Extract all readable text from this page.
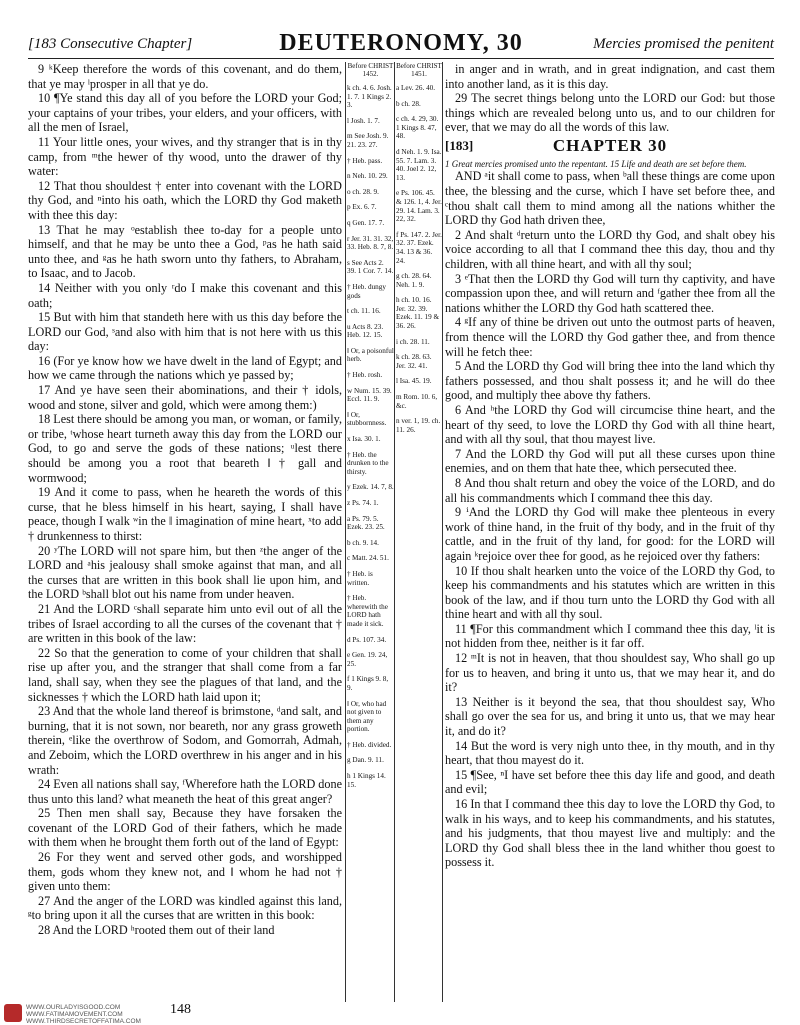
[183 Consecutive Chapter]	DEUTERONOMY, 30	Mercies promised the penitent

9 ᵏKeep therefore the words of this covenant, and do them, that ye may ˡprosper in all that ye do.

10 ¶Ye stand this day all of you before the LORD your God; your captains of your tribes, your elders, and your officers, with all the men of Israel,

11 Your little ones, your wives, and thy stranger that is in thy camp, from ᵐthe hewer of thy wood, unto the drawer of thy water:

12 That thou shouldest † enter into covenant with the LORD thy God, and ⁿinto his oath, which the LORD thy God maketh with thee this day:

13 That he may ᵒestablish thee to-day for a people unto himself, and that he may be unto thee a God, ᵖas he hath said unto thee, and ᵍas he hath sworn unto thy fathers, to Abraham, to Isaac, and to Jacob.

14 Neither with you only ʳdo I make this covenant and this oath;

15 But with him that standeth here with us this day before the LORD our God, ˢand also with him that is not here with us this day:

16 (For ye know how we have dwelt in the land of Egypt; and how we came through the nations which ye passed by;

17 And ye have seen their abominations, and their † idols, wood and stone, silver and gold, which were among them:)

18 Lest there should be among you man, or woman, or family, or tribe, ᵗwhose heart turneth away this day from the LORD our God, to go and serve the gods of these nations; ᵘlest there should be among you a root that beareth ‖ † gall and wormwood;

19 And it come to pass, when he heareth the words of this curse, that he bless himself in his heart, saying, I shall have peace, though I walk ʷin the ‖ imagination of mine heart, ˣto add † drunkenness to thirst:

20 ʸThe LORD will not spare him, but then ᶻthe anger of the LORD and ᵃhis jealousy shall smoke against that man, and all the curses that are written in this book shall lie upon him, and the LORD ᵇshall blot out his name from under heaven.

21 And the LORD ᶜshall separate him unto evil out of all the tribes of Israel according to all the curses of the covenant that † are written in this book of the law:

22 So that the generation to come of your children that shall rise up after you, and the stranger that shall come from a far land, shall say, when they see the plagues of that land, and the sicknesses † which the LORD hath laid upon it;

23 And that the whole land thereof is brimstone, ᵈand salt, and burning, that it is not sown, nor beareth, nor any grass groweth therein, ᵉlike the overthrow of Sodom, and Gomorrah, Admah, and Zeboim, which the LORD overthrew in his anger and in his wrath:

24 Even all nations shall say, ᶠWherefore hath the LORD done thus unto this land? what meaneth the heat of this great anger?

25 Then men shall say, Because they have forsaken the covenant of the LORD God of their fathers, which he made with them when he brought them forth out of the land of Egypt:

26 For they went and served other gods, and worshipped them, gods whom they knew not, and ‖ whom he had not † given unto them:

27 And the anger of the LORD was kindled against this land, ᵍto bring upon it all the curses that are written in this book:

28 And the LORD ʰrooted them out of their land

Before CHRIST 1452.
k ch. 4. 6. Josh. 1. 7. 1 Kings 2. 3.
l Josh. 1. 7.
m See Josh. 9. 21. 23. 27.
† Heb. pass.
n Neh. 10. 29.
o ch. 28. 9.
p Ex. 6. 7.
q Gen. 17. 7.
r Jer. 31. 31. 32, 33. Heb. 8. 7, 8.
s See Acts 2. 39. 1 Cor. 7. 14.
† Heb. dungy gods
t ch. 11. 16.
u Acts 8. 23. Heb. 12. 15.
‖ Or, a poisonful herb.
† Heb. rosh.
w Num. 15. 39. Eccl. 11. 9.
‖ Or, stubbornness.
x Isa. 30. 1.
† Heb. the drunken to the thirsty.
y Ezek. 14. 7, 8.
z Ps. 74. 1.
a Ps. 79. 5. Ezek. 23. 25.
b ch. 9. 14.
c Matt. 24. 51.
† Heb. is written.
† Heb. wherewith the LORD hath made it sick.
d Ps. 107. 34.
e Gen. 19. 24, 25.
f 1 Kings 9. 8, 9.
‖ Or, who had not given to them any portion.
† Heb. divided.
g Dan. 9. 11.
h 1 Kings 14. 15.
Before CHRIST 1451.
a Lev. 26. 40.
b ch. 28.
c ch. 4. 29, 30. 1 Kings 8. 47, 48.
d Neh. 1. 9. Isa. 55. 7. Lam. 3. 40. Joel 2. 12, 13.
e Ps. 106. 45. & 126. 1, 4. Jer. 29. 14. Lam. 3. 22, 32.
f Ps. 147. 2. Jer. 32. 37. Ezek. 34. 13 & 36. 24.
g ch. 28. 64. Neh. 1. 9.
h ch. 10. 16. Jer. 32. 39. Ezek. 11. 19 & 36. 26.
i ch. 28. 11.
k ch. 28. 63. Jer. 32. 41.
l Isa. 45. 19.
m Rom. 10. 6, &c.
n ver. 1, 19. ch. 11. 26.

in anger and in wrath, and in great indignation, and cast them into another land, as it is this day.

29 The secret things belong unto the LORD our God: but those things which are revealed belong unto us, and to our children for ever, that we may do all the words of this law.

[183]	CHAPTER 30

1 Great mercies promised unto the repentant. 15 Life and death are set before them.

AND ᵃit shall come to pass, when ᵇall these things are come upon thee, the blessing and the curse, which I have set before thee, and ᶜthou shalt call them to mind among all the nations whither the LORD thy God hath driven thee,

2 And shalt ᵈreturn unto the LORD thy God, and shalt obey his voice according to all that I command thee this day, thou and thy children, with all thine heart, and with all thy soul;

3 ᵉThat then the LORD thy God will turn thy captivity, and have compassion upon thee, and will return and ᶠgather thee from all the nations whither the LORD thy God hath scattered thee.

4 ᵍIf any of thine be driven out unto the outmost parts of heaven, from thence will the LORD thy God gather thee, and from thence will he fetch thee:

5 And the LORD thy God will bring thee into the land which thy fathers possessed, and thou shalt possess it; and he will do thee good, and multiply thee above thy fathers.

6 And ʰthe LORD thy God will circumcise thine heart, and the heart of thy seed, to love the LORD thy God with all thine heart, and with all thy soul, that thou mayest live.

7 And the LORD thy God will put all these curses upon thine enemies, and on them that hate thee, which persecuted thee.

8 And thou shalt return and obey the voice of the LORD, and do all his commandments which I command thee this day.

9 ⁱAnd the LORD thy God will make thee plenteous in every work of thine hand, in the fruit of thy body, and in the fruit of thy cattle, and in the fruit of thy land, for good: for the LORD will again ᵏrejoice over thee for good, as he rejoiced over thy fathers:

10 If thou shalt hearken unto the voice of the LORD thy God, to keep his commandments and his statutes which are written in this book of the law, and if thou turn unto the LORD thy God with all thine heart and with all thy soul.

11 ¶For this commandment which I command thee this day, ˡit is not hidden from thee, neither is it far off.

12 ᵐIt is not in heaven, that thou shouldest say, Who shall go up for us to heaven, and bring it unto us, that we may hear it, and do it?

13 Neither is it beyond the sea, that thou shouldest say, Who shall go over the sea for us, and bring it unto us, that we may hear it, and do it?

14 But the word is very nigh unto thee, in thy mouth, and in thy heart, that thou mayest do it.

15 ¶See, ⁿI have set before thee this day life and good, and death and evil;

16 In that I command thee this day to love the LORD thy God, to walk in his ways, and to keep his commandments, and his statutes, and his judgments, that thou mayest live and multiply: and the LORD thy God shall bless thee in the land whither thou goest to possess it.

WWW.OURLADYISGOOD.COM
WWW.FATIMAMOVEMENT.COM
WWW.THIRDSECRETOFFATIMA.COM
148
